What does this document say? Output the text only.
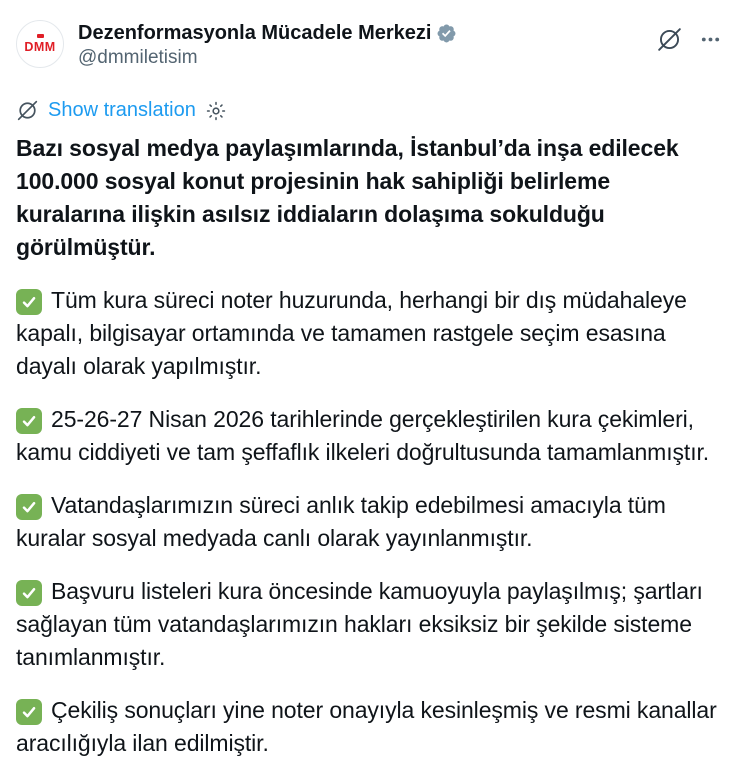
DMM
Dezenformasyonla Mücadele Merkezi
@dmmiletisim
Show translation

Bazı sosyal medya paylaşımlarında, İstanbul’da inşa edilecek 100.000 sosyal konut projesinin hak sahipliği belirleme kuralarına ilişkin asılsız iddiaların dolaşıma sokulduğu görülmüştür.

Tüm kura süreci noter huzurunda, herhangi bir dış müdahaleye kapalı, bilgisayar ortamında ve tamamen rastgele seçim esasına dayalı olarak yapılmıştır.

25-26-27 Nisan 2026 tarihlerinde gerçekleştirilen kura çekimleri, kamu ciddiyeti ve tam şeffaflık ilkeleri doğrultusunda tamamlanmıştır.

Vatandaşlarımızın süreci anlık takip edebilmesi amacıyla tüm kuralar sosyal medyada canlı olarak yayınlanmıştır.

Başvuru listeleri kura öncesinde kamuoyuyla paylaşılmış; şartları sağlayan tüm vatandaşlarımızın hakları eksiksiz bir şekilde sisteme tanımlanmıştır.

Çekiliş sonuçları yine noter onayıyla kesinleşmiş ve resmi kanallar aracılığıyla ilan edilmiştir.
